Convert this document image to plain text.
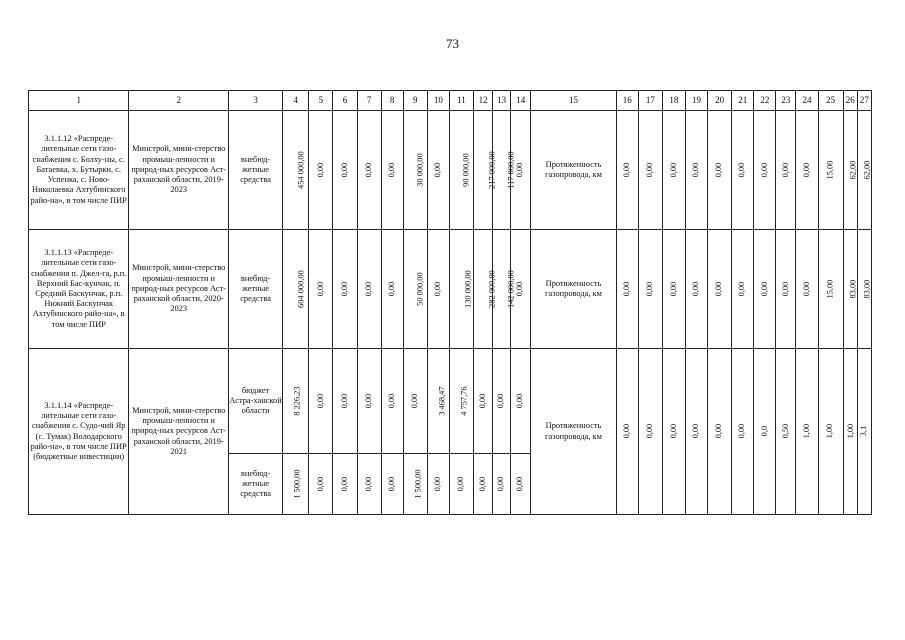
73
1	2	3	4	5	6	7	8	9	10	11	12	13	14	15	16	17	18	19	20	21	22	23	24	25	26	27
3.1.1.12 «Распреде-лительные сети газо-снабжения с. Болху-ны, с. Батаевка, х. Бутырки, с. Успенка, с. Ново-Николаевка Ахтубинского райо-на», в том числе ПИР	Минстрой, мини-стерство промыш-ленности и природ-ных ресурсов Аст-раханской области, 2019-2023	внебюд-жетные средства	454 000,00	0,00	0,00	0,00	0,00	30 000,00	0,00	90 000,00	217 000,00	117 000,00	0,00	Протяженность газопровода, км	0,00	0,00	0,00	0,00	0,00	0,00	0,00	0,00	0,00	15,00	62,00	62,00
3.1.1.13 «Распреде-лительные сети газо-снабжения п. Джел-га, р.п. Верхний Бас-кунчак, п. Средний Баскунчак, р.п. Нижний Баскунчак Ахтубинского райо-на», в том числе ПИР	Минстрой, мини-стерство промыш-ленности и природ-ных ресурсов Аст-раханской области, 2020-2023	внебюд-жетные средства	604 000,00	0,00	0,00	0,00	0,00	50 000,00	0,00	130 000,00	282 000,00	142 000,00	0,00	Протяженность газопровода, км	0,00	0,00	0,00	0,00	0,00	0,00	0,00	0,00	0,00	15,00	83,00	83,00
3.1.1.14 «Распреде-лительные сети газо-снабжения с. Судо-чий Яр (с. Тумак) Володарского райо-на», в том числе ПИР (бюджетные инвестиции)	Минстрой, мини-стерство промыш-ленности и природ-ных ресурсов Аст-раханской области, 2019-2021	бюджет Астра-ханской области	8 226,23	0,00	0,00	0,00	0,00	0,00	3 468,47	4 757,76	0,00	0,00	0,00	Протяженность газопровода, км	0,00	0,00	0,00	0,00	0,00	0,00	0,0	0,50	1,00	1,00	1,00	3,1
		внебюд-жетные средства	1 500,00	0,00	0,00	0,00	0,00	1 500,00	0,00	0,00	0,00	0,00	0,00													
